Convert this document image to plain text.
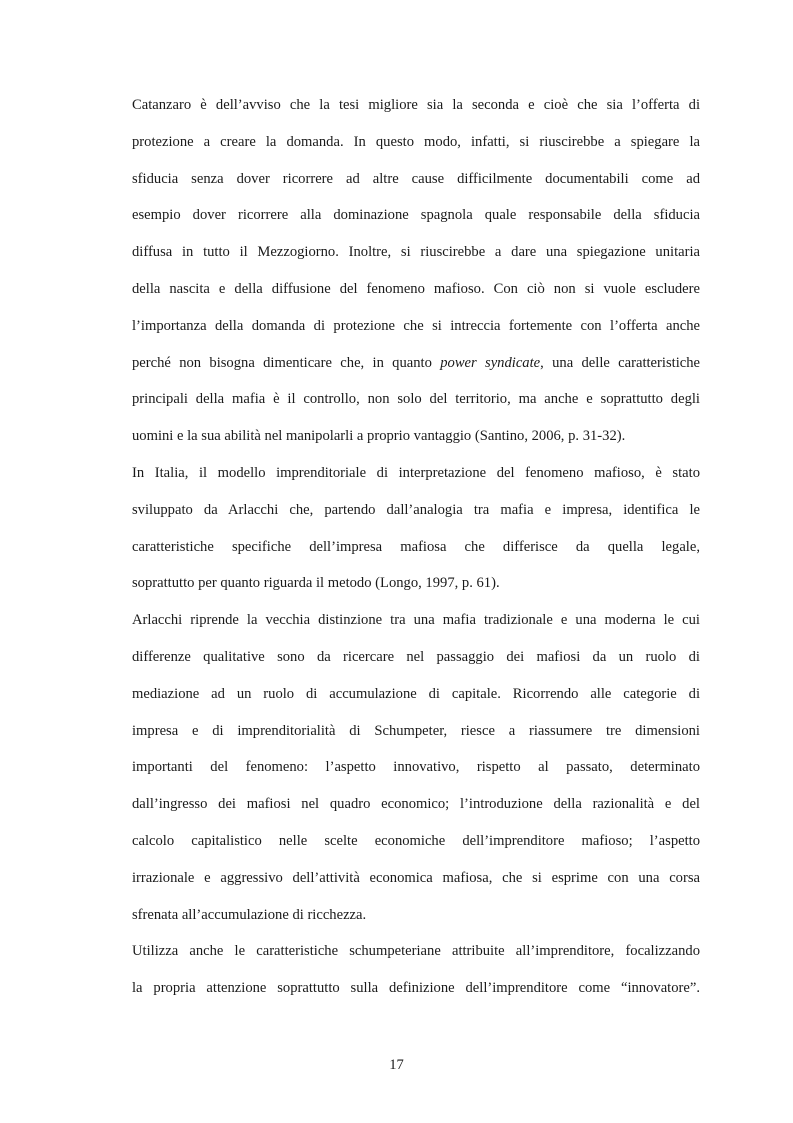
Catanzaro è dell’avviso che la tesi migliore sia la seconda e cioè che sia l’offerta di
protezione a creare la domanda. In questo modo, infatti, si riuscirebbe a spiegare la
sfiducia senza dover ricorrere ad altre cause difficilmente documentabili come ad
esempio dover ricorrere alla dominazione spagnola quale responsabile della sfiducia
diffusa in tutto il Mezzogiorno. Inoltre, si riuscirebbe a dare una spiegazione unitaria
della nascita e della diffusione del fenomeno mafioso. Con ciò non si vuole escludere
l’importanza della domanda di protezione che si intreccia fortemente con l’offerta anche
perché non bisogna dimenticare che, in quanto power syndicate, una delle caratteristiche
principali della mafia è il controllo, non solo del territorio, ma anche e soprattutto degli
uomini e la sua abilità nel manipolarli a proprio vantaggio (Santino, 2006, p. 31-32).

In Italia, il modello imprenditoriale di interpretazione del fenomeno mafioso, è stato
sviluppato da Arlacchi che, partendo dall’analogia tra mafia e impresa, identifica le
caratteristiche specifiche dell’impresa mafiosa che differisce da quella legale,
soprattutto per quanto riguarda il metodo (Longo, 1997, p. 61).

Arlacchi riprende la vecchia distinzione tra una mafia tradizionale e una moderna le cui
differenze qualitative sono da ricercare nel passaggio dei mafiosi da un ruolo di
mediazione ad un ruolo di accumulazione di capitale. Ricorrendo alle categorie di
impresa e di imprenditorialità di Schumpeter, riesce a riassumere tre dimensioni
importanti del fenomeno: l’aspetto innovativo, rispetto al passato, determinato
dall’ingresso dei mafiosi nel quadro economico; l’introduzione della razionalità e del
calcolo capitalistico nelle scelte economiche dell’imprenditore mafioso; l’aspetto
irrazionale e aggressivo dell’attività economica mafiosa, che si esprime con una corsa
sfrenata all’accumulazione di ricchezza.

Utilizza anche le caratteristiche schumpeteriane attribuite all’imprenditore, focalizzando
la propria attenzione soprattutto sulla definizione dell’imprenditore come “innovatore”.

17
